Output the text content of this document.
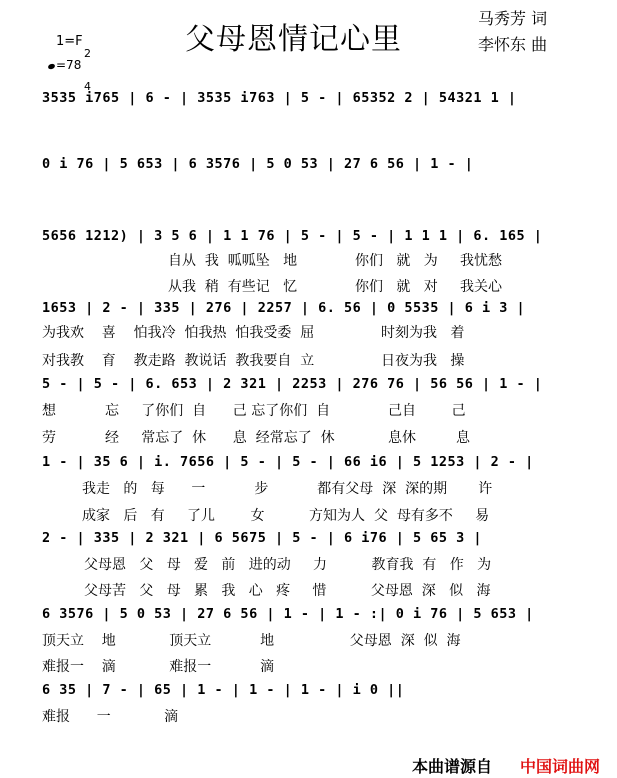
父母恩情记心里
马秀芳 词
李怀东 曲
1=F

2

4

=78
3535 i765 | 6 - | 3535 i763 | 5 - | 65352 2 | 54321 1 |
0 i 76 | 5 653 | 6 3576 | 5 0 53 | 27 6 56 | 1 - |
5656 1212) | 3 5 6 | 1 1 76 | 5 - | 5 - | 1 1 1 | 6. 165 |
自从  我  呱呱坠   地             你们   就   为     我忧愁
从我  稍  有些记   忆             你们   就   对     我关心
1653 | 2 - | 335 | 276 | 2257 | 6. 56 | 0 5535 | 6 i 3 |
为我欢    喜    怕我冷  怕我热  怕我受委  屈               时刻为我   着
对我教    育    教走路  教说话  教我要自  立               日夜为我   操
5 - | 5 - | 6. 653 | 2 321 | 2253 | 276 76 | 56 56 | 1 - |
想           忘     了你们  自      己 忘了你们  自             己自        己
劳           经     常忘了  休      息  经常忘了  休            息休         息
1 - | 35 6 | i. 7656 | 5 - | 5 - | 66 i6 | 5 1253 | 2 - |
我走   的   每      一           步           都有父母  深  深的期       许
成家   后   有     了儿        女          方知为人  父  母有多不     易
2 - | 335 | 2 321 | 6 5675 | 5 - | 6 i76 | 5 65 3 |
父母恩   父   母   爱   前   进的动     力          教育我  有   作   为
父母苦   父   母   累   我   心   疼     惜          父母恩  深   似   海
6 3576 | 5 0 53 | 27 6 56 | 1 - | 1 - :| 0 i 76 | 5 653 |
顶天立    地            顶天立           地                 父母恩  深  似  海
难报一    滴            难报一           滴
6 35 | 7 - | 65 | 1 - | 1 - | 1 - | i 0 ||
难报      一            滴
本曲谱源自 中国词曲网
